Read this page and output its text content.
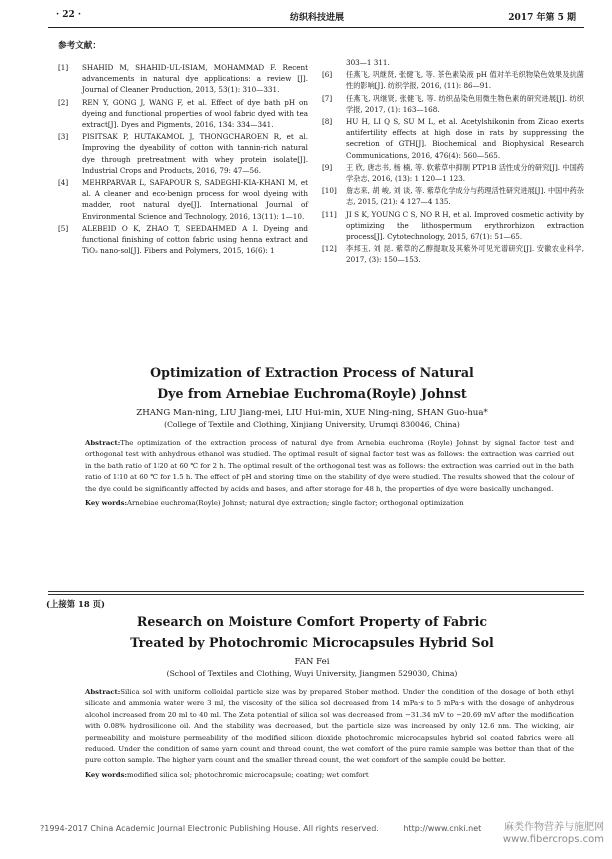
· 22 ·	纺织科技进展	2017 年第 5 期
参考文献：
[1]	SHAHID M, SHAHID-UL-ISIAM, MOHAMMAD F. Recent advancements in natural dye applications: a review [J]. Journal of Cleaner Production, 2013, 53(1): 310—331.
[2]	REN Y, GONG J, WANG F, et al. Effect of dye bath pH on dyeing and functional properties of wool fabric dyed with tea extract[J]. Dyes and Pigments, 2016, 134: 334—341.
[3]	PISITSAK P, HUTAKAMOL J, THONGCHAROEN R, et al. Improving the dyeability of cotton with tannin-rich natural dye through pretreatment with whey protein isolate[J]. Industrial Crops and Products, 2016, 79: 47—56.
[4]	MEHRPARVAR L, SAFAPOUR S, SADEGHI-KIA-KHANI M, et al. A cleaner and eco-benign process for wool dyeing with madder, root natural dye[J]. International Journal of Environmental Science and Technology, 2016, 13(11): 1—10.
[5]	ALEBEID O K, ZHAO T, SEEDAHMED A I. Dyeing and functional finishing of cotton fabric using henna extract and TiO₂ nano-sol[J]. Fibers and Polymers, 2015, 16(6): 1
303—1 311.
[6]	任燕飞, 巩继贤, 张健飞, 等. 茶色素染液 pH 值对羊毛织物染色效果及抗菌性的影响[J]. 纺织学报, 2016, (11): 86—91.
[7]	任燕飞, 巩继贤, 张健飞, 等. 纺织品染色用微生物色素的研究进展[J]. 纺织学报, 2017, (1): 163—168.
[8]	HU H, LI Q S, SU M L, et al. Acetylshikonin from Zicao exerts antifertility effects at high dose in rats by suppressing the secretion of GTH[J]. Biochemical and Biophysical Research Communications, 2016, 476(4): 560—565.
[9]	王 欣, 唐志书, 杨 楠, 等. 软紫草中抑制 PTP1B 活性成分的研究[J]. 中国药学杂志, 2016, (13): 1 120—1 123.
[10]	詹志来, 胡 峻, 刘 谈, 等. 紫草化学成分与药理活性研究进展[J]. 中国中药杂志, 2015, (21): 4 127—4 135.
[11]	JI S K, YOUNG C S, NO R H, et al. Improved cosmetic activity by optimizing the lithospermum erythrorhizon extraction process[J]. Cytotechnology, 2015, 67(1): 51—65.
[12]	李邦玉, 刘 昆. 紫草的乙醇提取及其紫外可见光谱研究[J]. 安徽农业科学, 2017, (3): 150—153.
Optimization of Extraction Process of Natural
Dye from Arnebiae Euchroma(Royle) Johnst
ZHANG Man-ning, LIU Jiang-mei, LIU Hui-min, XUE Ning-ning, SHAN Guo-hua*
(College of Textile and Clothing, Xinjiang University, Urumqi 830046, China)
Abstract:The optimization of the extraction process of natural dye from Arnebia euchroma (Royle) Johnst by signal factor test and orthogonal test with anhydrous ethanol was studied. The optimal result of signal factor test was as follows: the extraction was carried out in the bath ratio of 1∶20 at 60 ℃ for 2 h. The optimal result of the orthogonal test was as follows: the extraction was carried out in the bath ratio of 1∶10 at 60 ℃ for 1.5 h. The effect of pH and storing time on the stability of dye were studied. The results showed that the colour of the dye could be significantly affected by acids and bases, and after storage for 48 h, the properties of dye were basically unchanged.
Key words:Arnebiae euchroma(Royle) Johnst; natural dye extraction; single factor; orthogonal optimization
(上接第 18 页)
Research on Moisture Comfort Property of Fabric
Treated by Photochromic Microcapsules Hybrid Sol
FAN Fei
(School of Textiles and Clothing, Wuyi University, Jiangmen 529030, China)
Abstract:Silica sol with uniform colloidal particle size was by prepared Stober method. Under the condition of the dosage of both ethyl silicate and ammonia water were 3 ml, the viscosity of the silica sol decreased from 14 mPa·s to 5 mPa·s with the dosage of anhydrous alcohol increased from 20 ml to 40 ml. The Zeta potential of silica sol was decreased from −31.34 mV to −20.69 mV after the modification with 0.08% hydrosilicone oil. And the stability was decreased, but the particle size was increased by only 12.6 nm. The wicking, air permeability and moisture permeability of the modified silicon dioxide photochromic microcapsules hybrid sol coated fabrics were all reduced. Under the condition of same yarn count and thread count, the wet comfort of the pure ramie sample was better than that of the pure cotton sample. The higher yarn count and the smaller thread count, the wet comfort of the sample could be better.
Key words:modified silica sol; photochromic microcapsule; coating; wet comfort
?1994-2017 China Academic Journal Electronic Publishing House. All rights reserved.	http://www.cnki.net 麻类作物营养与施肥网
www.fibercrops.com
